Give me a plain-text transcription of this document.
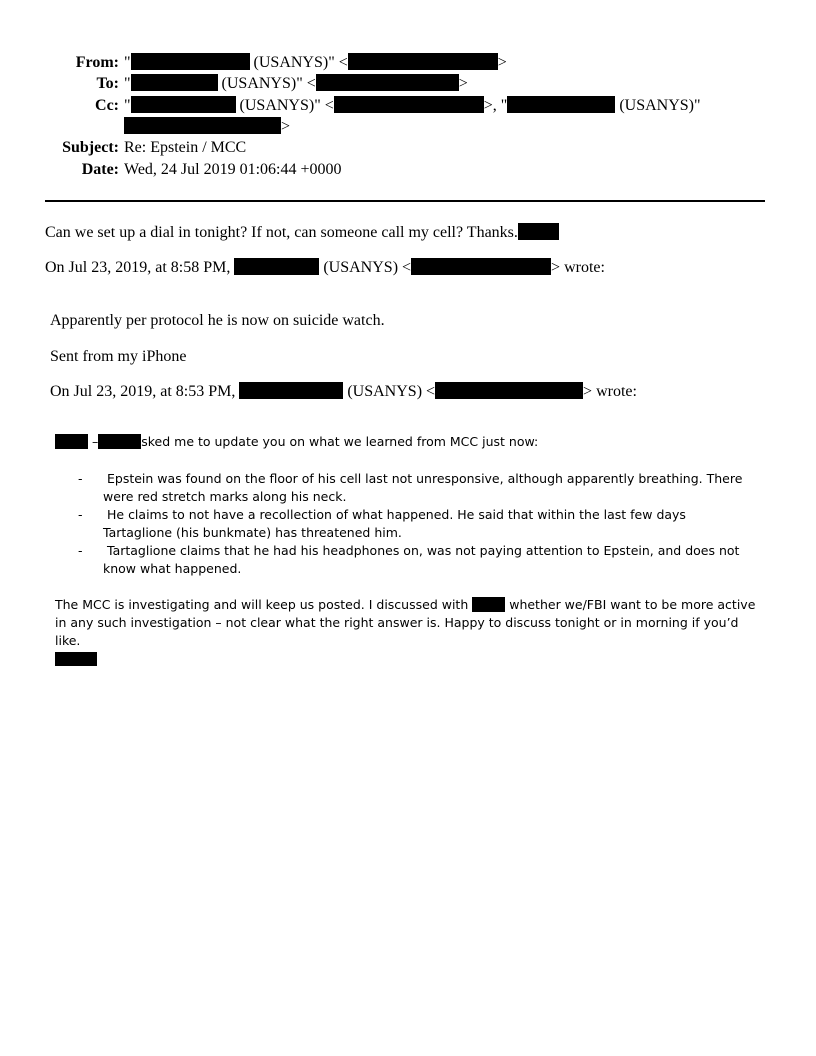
From: "	(USANYS)" <	>
To: "	(USANYS)" <	>
Cc: "	(USANYS)" <	>, "	(USANYS)"
>
Subject: Re: Epstein / MCC
Date: Wed, 24 Jul 2019 01:06:44 +0000
Can we set up a dial in tonight? If not, can someone call my cell? Thanks.
On Jul 23, 2019, at 8:58 PM,	(USANYS) <	> wrote:
Apparently per protocol he is now on suicide watch.
Sent from my iPhone
On Jul 23, 2019, at 8:53 PM,	(USANYS) <	> wrote:
–	sked me to update you on what we learned from MCC just now:
-	Epstein was found on the floor of his cell last not unresponsive, although apparently breathing. There were red stretch marks along his neck.
-	He claims to not have a recollection of what happened. He said that within the last few days Tartaglione (his bunkmate) has threatened him.
-	Tartaglione claims that he had his headphones on, was not paying attention to Epstein, and does not know what happened.
The MCC is investigating and will keep us posted. I discussed with	whether we/FBI want to be more active in any such investigation – not clear what the right answer is. Happy to discuss tonight or in morning if you’d like.
